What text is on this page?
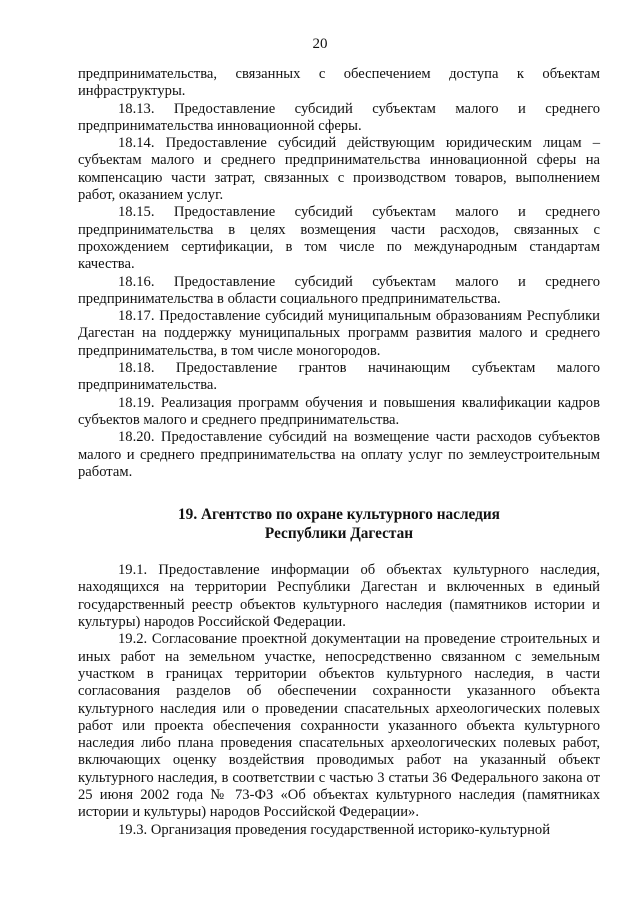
20

предпринимательства, связанных с обеспечением доступа к объектам инфраструктуры.

18.13. Предоставление субсидий субъектам малого и среднего предпринимательства инновационной сферы.

18.14. Предоставление субсидий действующим юридическим лицам – субъектам малого и среднего предпринимательства инновационной сферы на компенсацию части затрат, связанных с производством товаров, выполнением работ, оказанием услуг.

18.15. Предоставление субсидий субъектам малого и среднего предпринимательства в целях возмещения части расходов, связанных с прохождением сертификации, в том числе по международным стандартам качества.

18.16. Предоставление субсидий субъектам малого и среднего предпринимательства в области социального предпринимательства.

18.17. Предоставление субсидий муниципальным образованиям Республики Дагестан на поддержку муниципальных программ развития малого и среднего предпринимательства, в том числе моногородов.

18.18. Предоставление грантов начинающим субъектам малого предпринимательства.

18.19. Реализация программ обучения и повышения квалификации кадров субъектов малого и среднего предпринимательства.

18.20. Предоставление субсидий на возмещение части расходов субъектов малого и среднего предпринимательства на оплату услуг по землеустроительным работам.

19. Агентство по охране культурного наследия
Республики Дагестан

19.1. Предоставление информации об объектах культурного наследия, находящихся на территории Республики Дагестан и включенных в единый государственный реестр объектов культурного наследия (памятников истории и культуры) народов Российской Федерации.

19.2. Согласование проектной документации на проведение строительных и иных работ на земельном участке, непосредственно связанном с земельным участком в границах территории объектов культурного наследия, в части согласования разделов об обеспечении сохранности указанного объекта культурного наследия или о проведении спасательных археологических полевых работ или проекта обеспечения сохранности указанного объекта культурного наследия либо плана проведения спасательных археологических полевых работ, включающих оценку воздействия проводимых работ на указанный объект культурного наследия, в соответствии с частью 3 статьи 36 Федерального закона от 25 июня 2002 года № 73-ФЗ «Об объектах культурного наследия (памятниках истории и культуры) народов Российской Федерации».

19.3. Организация проведения государственной историко-культурной
